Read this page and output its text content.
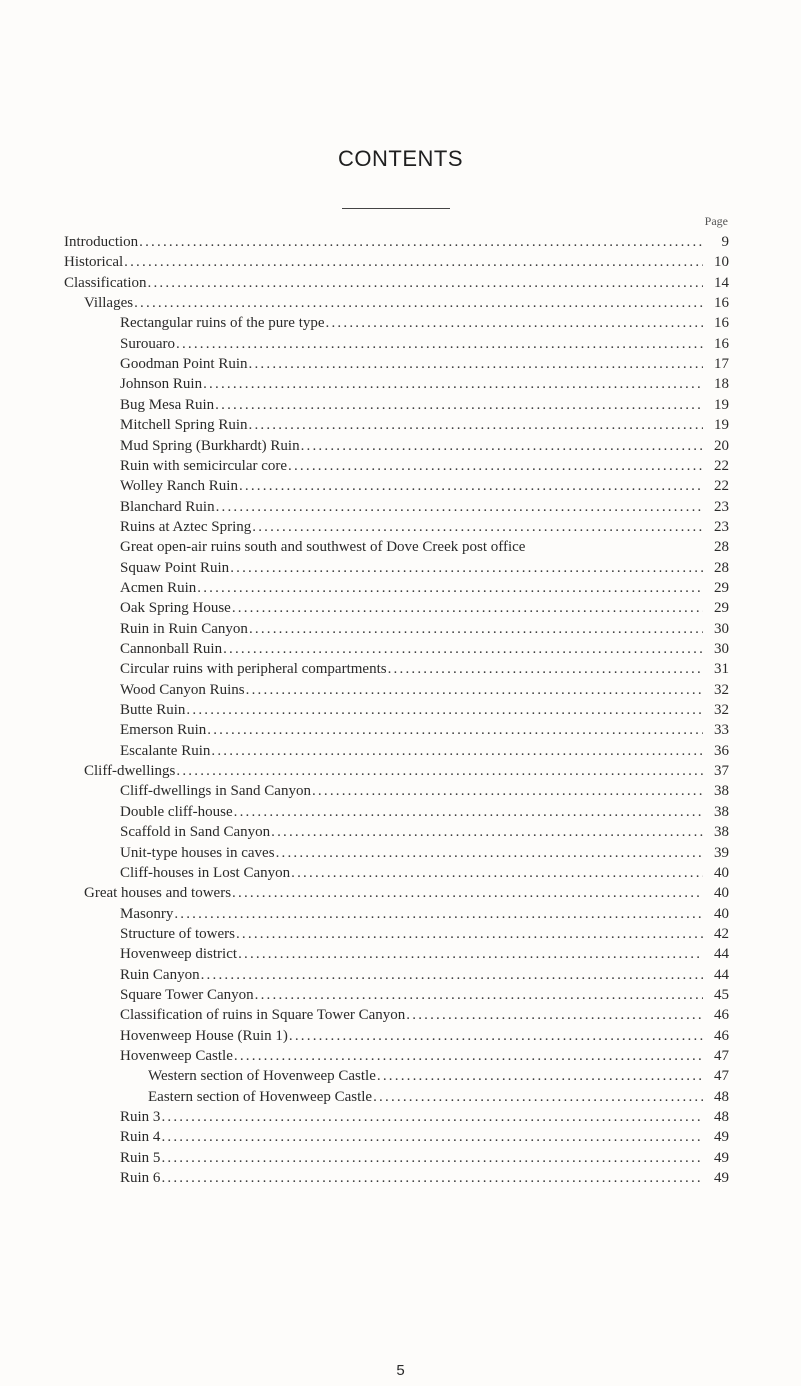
CONTENTS
Page
Introduction .....	9
Historical .....	10
Classification .....	14
Villages .....	16
Rectangular ruins of the pure type .....	16
Surouaro .....	16
Goodman Point Ruin .....	17
Johnson Ruin .....	18
Bug Mesa Ruin .....	19
Mitchell Spring Ruin .....	19
Mud Spring (Burkhardt) Ruin .....	20
Ruin with semicircular core .....	22
Wolley Ranch Ruin .....	22
Blanchard Ruin .....	23
Ruins at Aztec Spring .....	23
Great open-air ruins south and southwest of Dove Creek post office	28
Squaw Point Ruin .....	28
Acmen Ruin .....	29
Oak Spring House .....	29
Ruin in Ruin Canyon .....	30
Cannonball Ruin .....	30
Circular ruins with peripheral compartments .....	31
Wood Canyon Ruins .....	32
Butte Ruin .....	32
Emerson Ruin .....	33
Escalante Ruin .....	36
Cliff-dwellings .....	37
Cliff-dwellings in Sand Canyon .....	38
Double cliff-house .....	38
Scaffold in Sand Canyon .....	38
Unit-type houses in caves .....	39
Cliff-houses in Lost Canyon .....	40
Great houses and towers .....	40
Masonry .....	40
Structure of towers .....	42
Hovenweep district .....	44
Ruin Canyon .....	44
Square Tower Canyon .....	45
Classification of ruins in Square Tower Canyon .....	46
Hovenweep House (Ruin 1) .....	46
Hovenweep Castle .....	47
Western section of Hovenweep Castle .....	47
Eastern section of Hovenweep Castle .....	48
Ruin 3 .....	48
Ruin 4 .....	49
Ruin 5 .....	49
Ruin 6 .....	49
5
